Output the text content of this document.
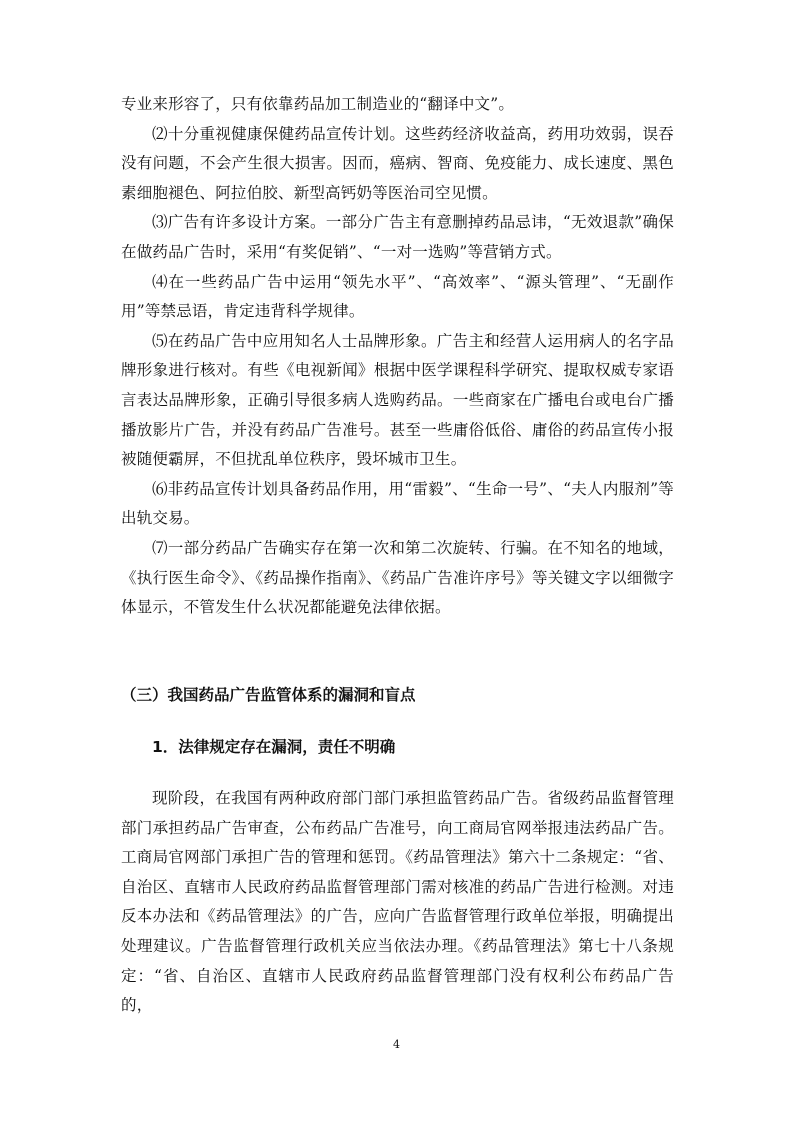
专业来形容了，只有依靠药品加工制造业的“翻译中文”。

⑵十分重视健康保健药品宣传计划。这些药经济收益高，药用功效弱，误吞没有问题，不会产生很大损害。因而，癌病、智商、免疫能力、成长速度、黑色素细胞褪色、阿拉伯胶、新型高钙奶等医治司空见惯。

⑶广告有许多设计方案。一部分广告主有意删掉药品忌讳，“无效退款”确保在做药品广告时，采用“有奖促销”、“一对一选购”等营销方式。

⑷在一些药品广告中运用“领先水平”、“高效率”、“源头管理”、“无副作用”等禁忌语，肯定违背科学规律。

⑸在药品广告中应用知名人士品牌形象。广告主和经营人运用病人的名字品牌形象进行核对。有些《电视新闻》根据中医学课程科学研究、提取权威专家语言表达品牌形象，正确引导很多病人选购药品。一些商家在广播电台或电台广播播放影片广告，并没有药品广告准号。甚至一些庸俗低俗、庸俗的药品宣传小报被随便霸屏，不但扰乱单位秩序，毁坏城市卫生。

⑹非药品宣传计划具备药品作用，用“雷毅”、“生命一号”、“夫人内服剂”等出轨交易。

⑺一部分药品广告确实存在第一次和第二次旋转、行骗。在不知名的地域，《执行医生命令》、《药品操作指南》、《药品广告准许序号》等关键文字以细微字体显示，不管发生什么状况都能避免法律依据。

（三）我国药品广告监管体系的漏洞和盲点
1．法律规定存在漏洞，责任不明确

现阶段，在我国有两种政府部门部门承担监管药品广告。省级药品监督管理部门承担药品广告审查，公布药品广告准号，向工商局官网举报违法药品广告。工商局官网部门承担广告的管理和惩罚。《药品管理法》第六十二条规定：“省、自治区、直辖市人民政府药品监督管理部门需对核准的药品广告进行检测。对违反本办法和《药品管理法》的广告，应向广告监督管理行政单位举报，明确提出处理建议。广告监督管理行政机关应当依法办理。《药品管理法》第七十八条规定：“省、自治区、直辖市人民政府药品监督管理部门没有权利公布药品广告的，

4
